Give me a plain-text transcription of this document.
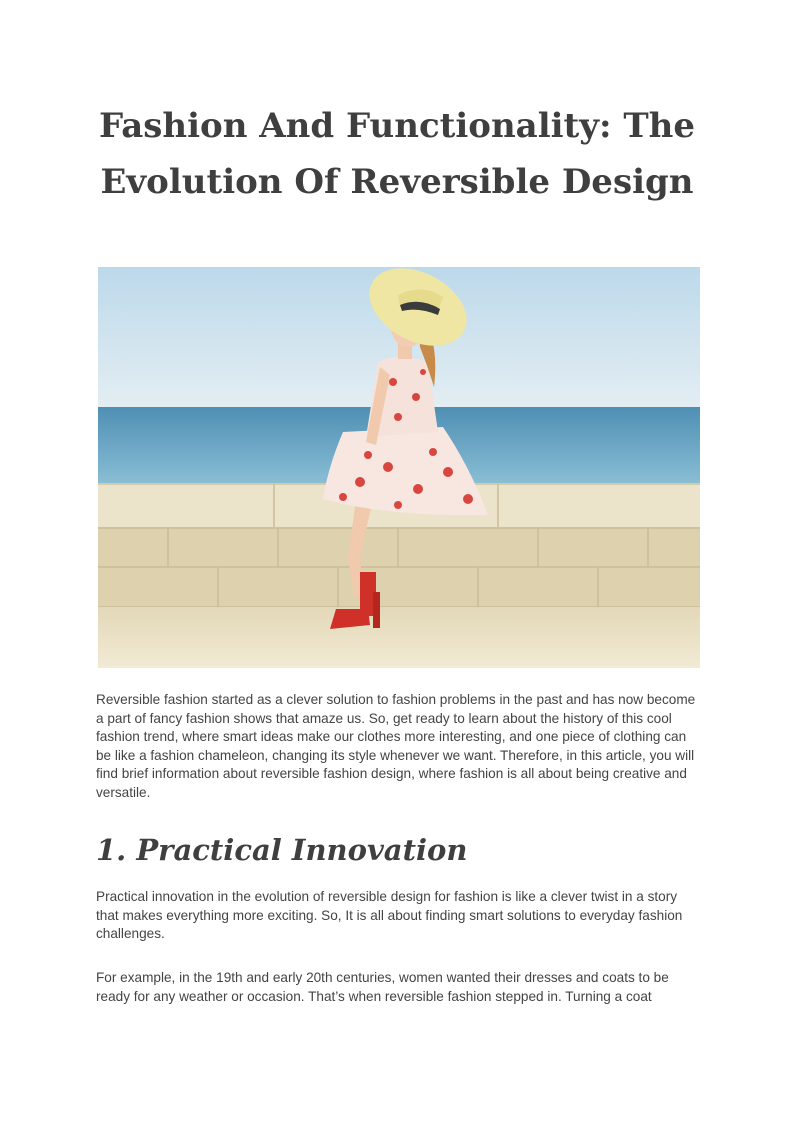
Fashion And Functionality: The Evolution Of Reversible Design

Reversible fashion started as a clever solution to fashion problems in the past and has now become a part of fancy fashion shows that amaze us. So, get ready to learn about the history of this cool fashion trend, where smart ideas make our clothes more interesting, and one piece of clothing can be like a fashion chameleon, changing its style whenever we want. Therefore, in this article, you will find brief information about reversible fashion design, where fashion is all about being creative and versatile.

1. Practical Innovation

Practical innovation in the evolution of reversible design for fashion is like a clever twist in a story that makes everything more exciting. So, It is all about finding smart solutions to everyday fashion challenges.

For example, in the 19th and early 20th centuries, women wanted their dresses and coats to be ready for any weather or occasion. That’s when reversible fashion stepped in. Turning a coat
